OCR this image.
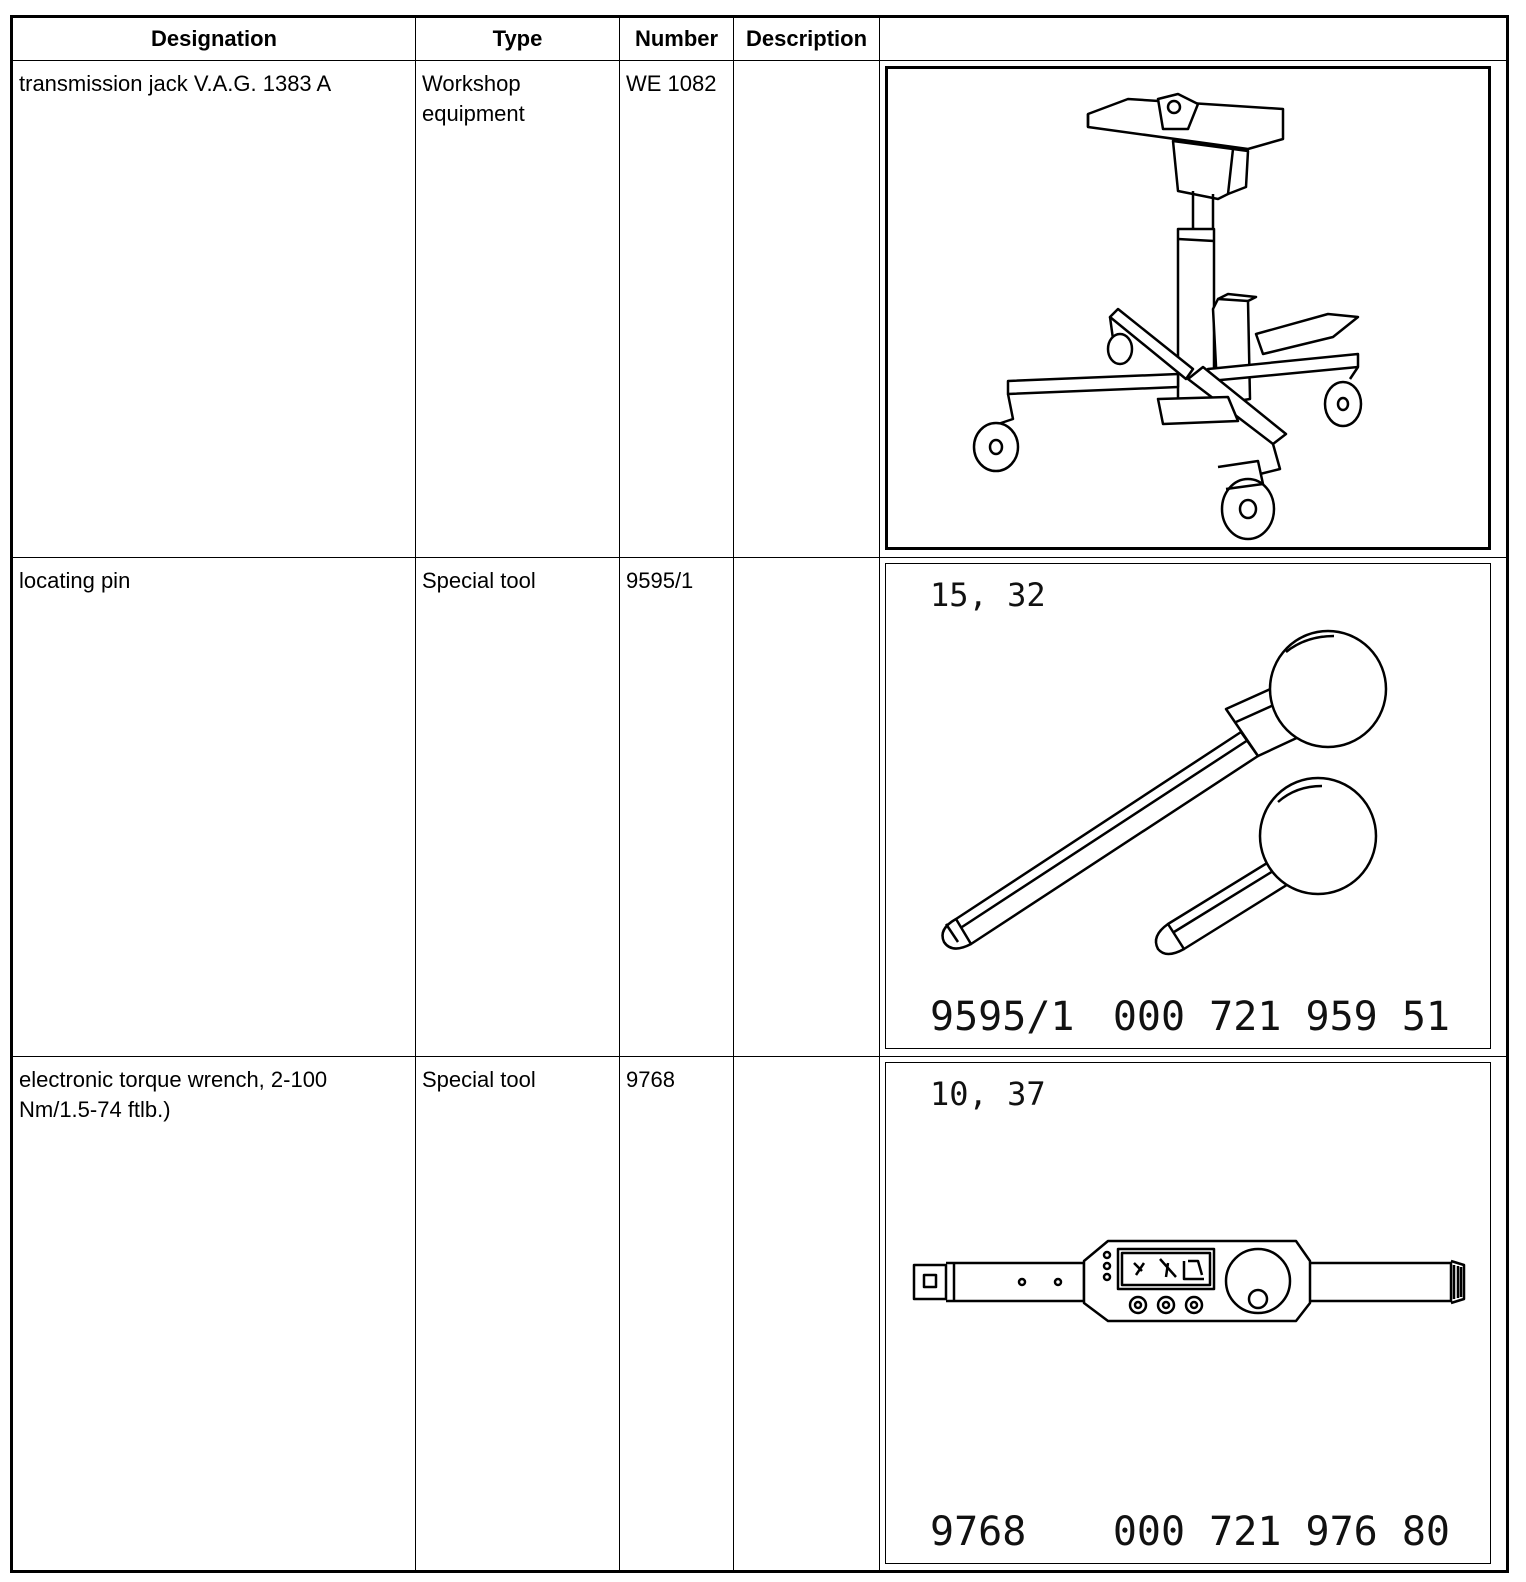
Designation	Type	Number	Description	
transmission jack V.A.G. 1383 A	Workshop equipment	WE 1082		

locating pin	Special tool	9595/1		15, 32
9595/1 000 721 959 51

electronic torque wrench, 2-100 Nm/1.5-74 ftlb.)	Special tool	9768		10, 37
9768 000 721 976 80
